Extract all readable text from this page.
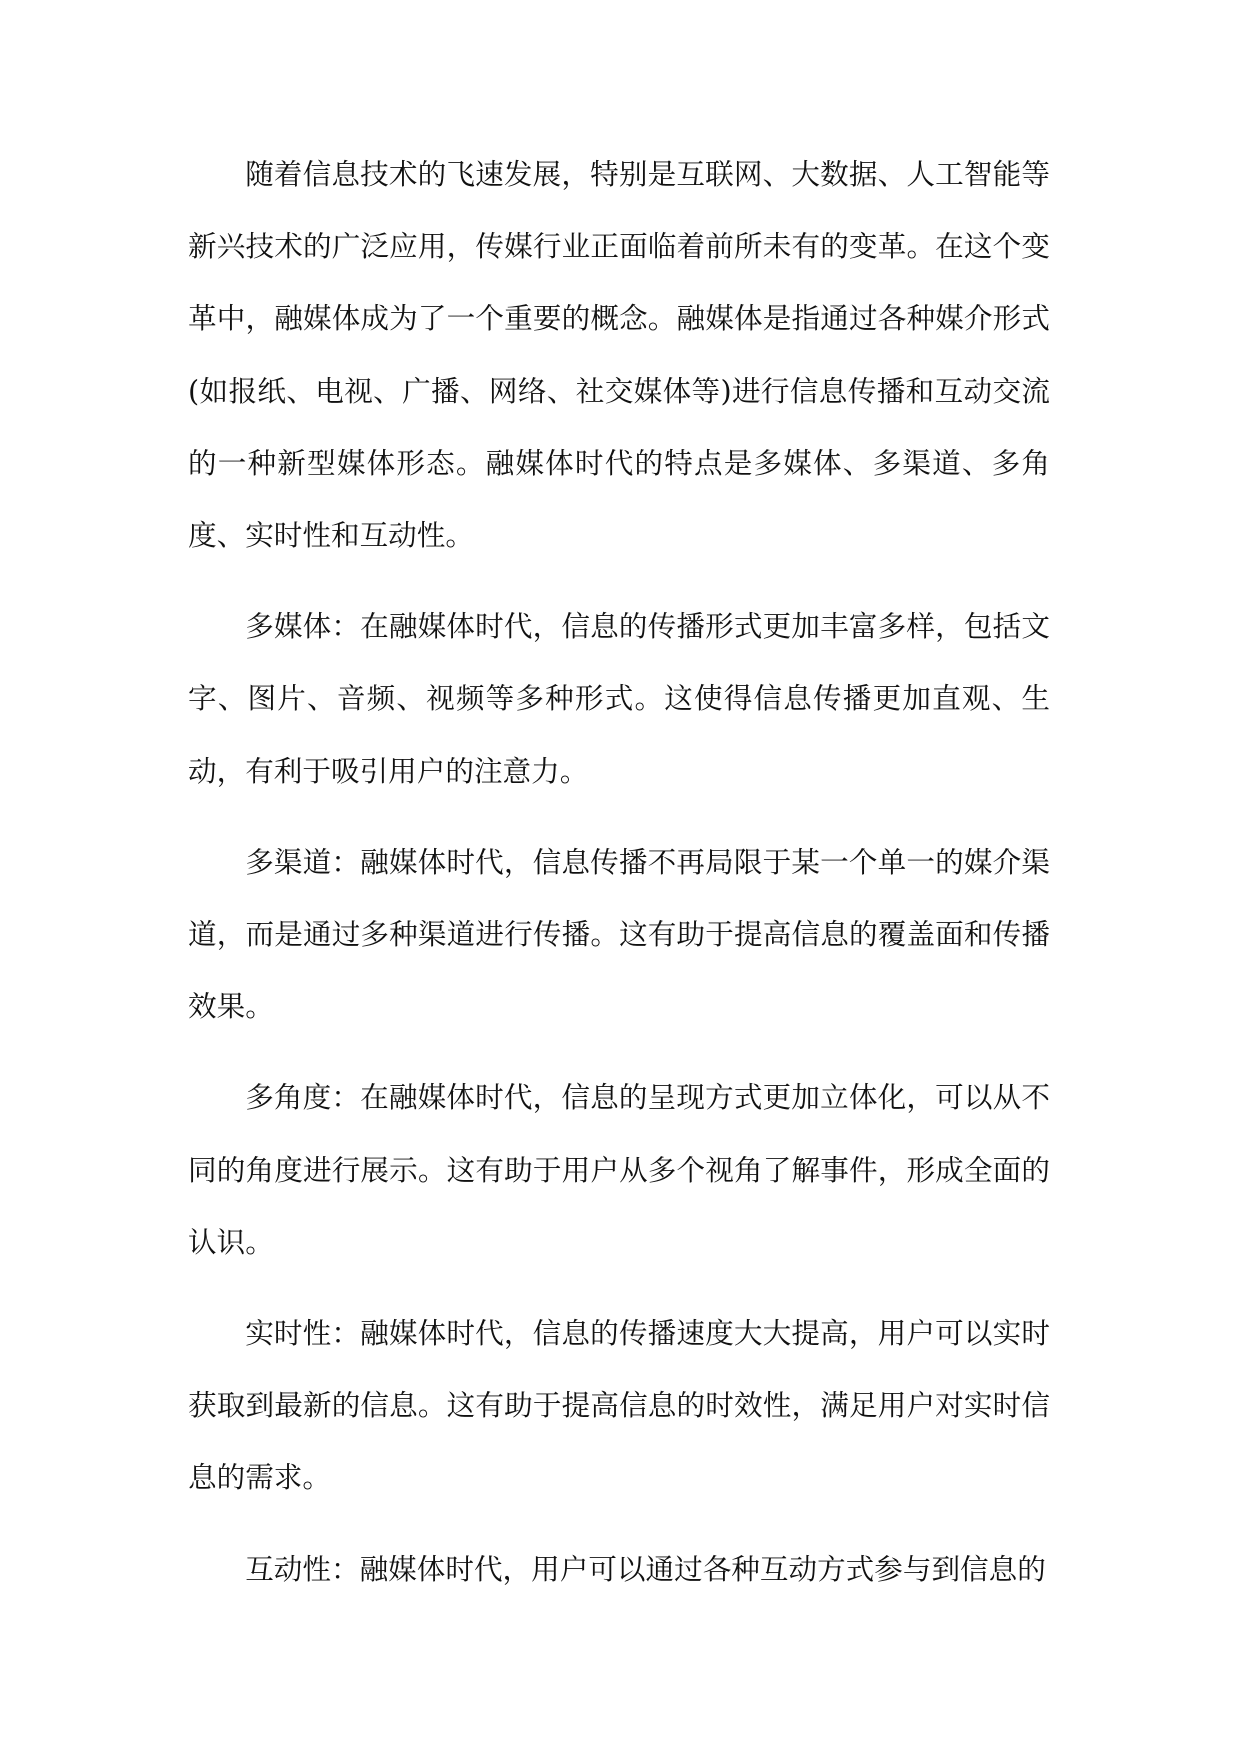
随着信息技术的飞速发展，特别是互联网、大数据、人工智能等新兴技术的广泛应用，传媒行业正面临着前所未有的变革。在这个变革中，融媒体成为了一个重要的概念。融媒体是指通过各种媒介形式(如报纸、电视、广播、网络、社交媒体等)进行信息传播和互动交流的一种新型媒体形态。融媒体时代的特点是多媒体、多渠道、多角度、实时性和互动性。

多媒体：在融媒体时代，信息的传播形式更加丰富多样，包括文字、图片、音频、视频等多种形式。这使得信息传播更加直观、生动，有利于吸引用户的注意力。

多渠道：融媒体时代，信息传播不再局限于某一个单一的媒介渠道，而是通过多种渠道进行传播。这有助于提高信息的覆盖面和传播效果。

多角度：在融媒体时代，信息的呈现方式更加立体化，可以从不同的角度进行展示。这有助于用户从多个视角了解事件，形成全面的认识。

实时性：融媒体时代，信息的传播速度大大提高，用户可以实时获取到最新的信息。这有助于提高信息的时效性，满足用户对实时信息的需求。

互动性：融媒体时代，用户可以通过各种互动方式参与到信息的
